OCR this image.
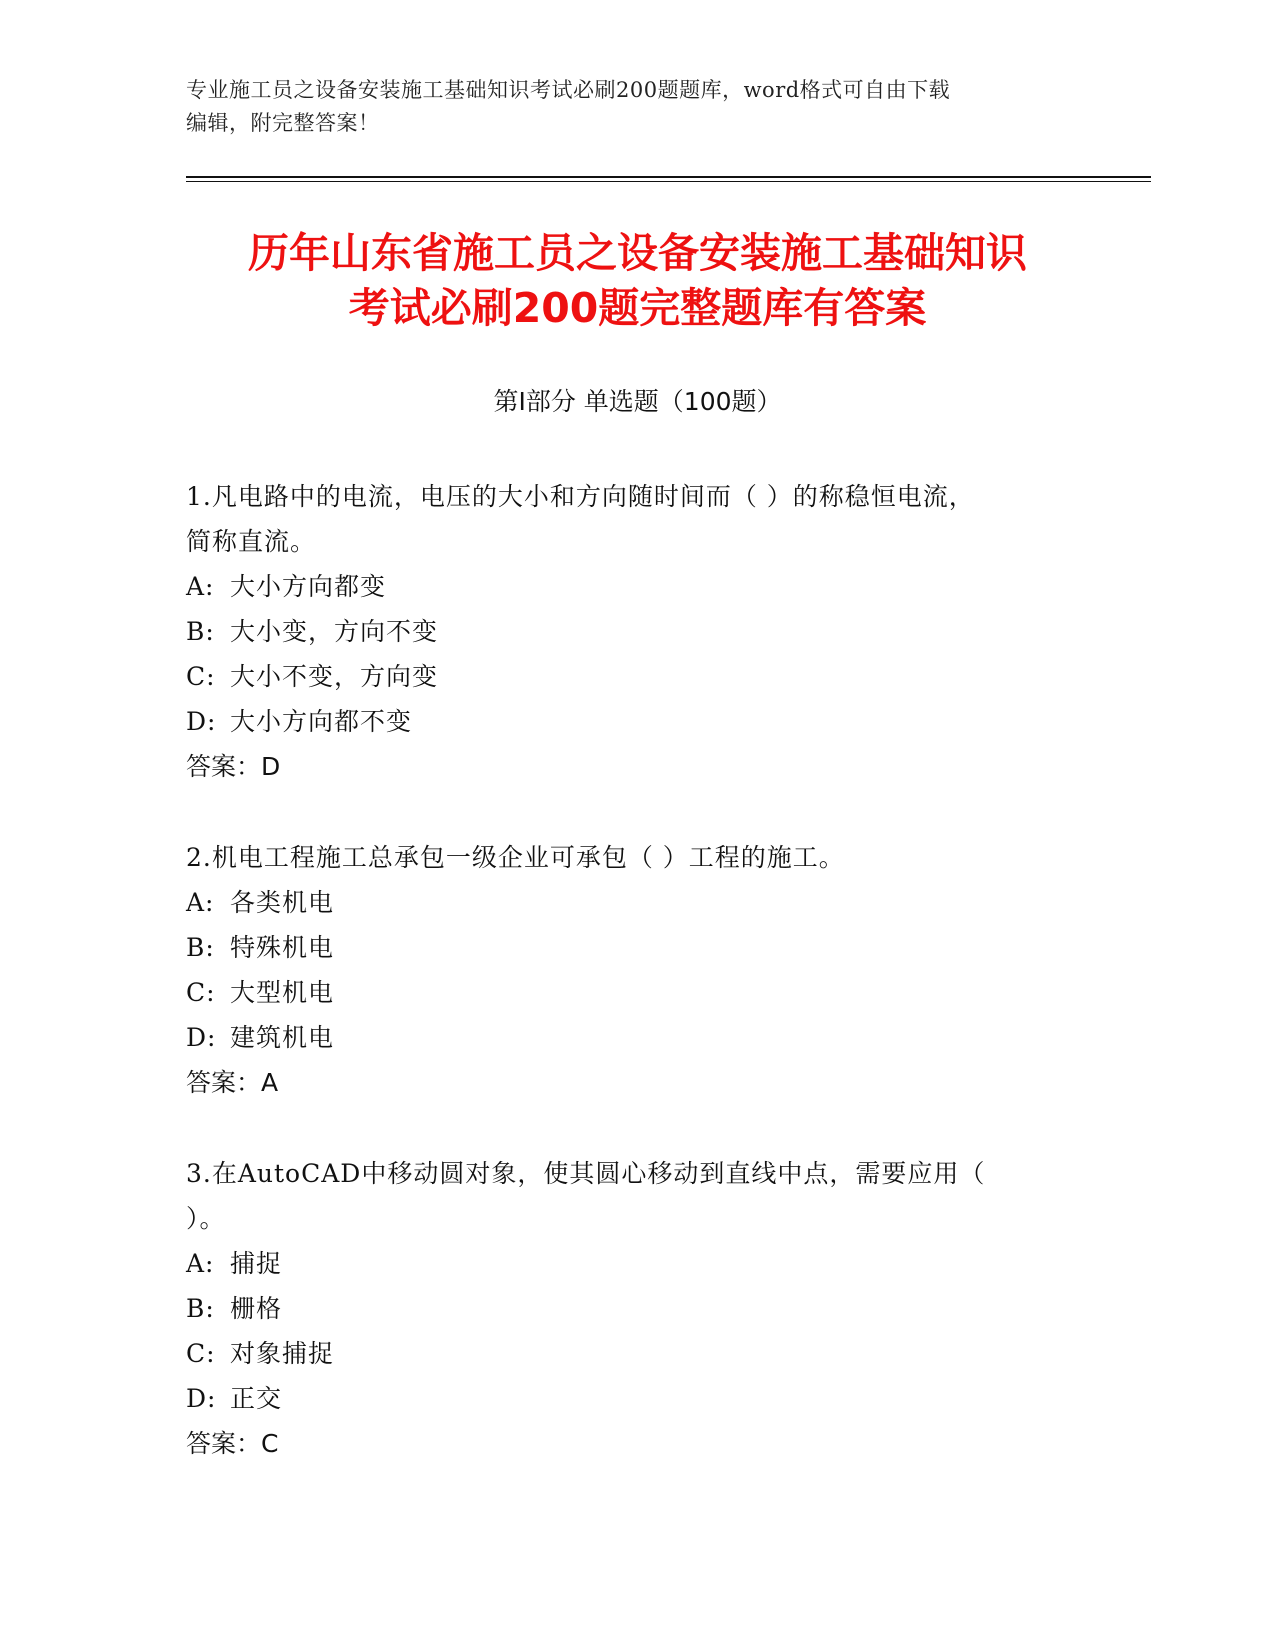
专业施工员之设备安装施工基础知识考试必刷200题题库，word格式可自由下载
编辑，附完整答案！
历年山东省施工员之设备安装施工基础知识
考试必刷200题完整题库有答案
第Ⅰ部分 单选题（100题）
1.凡电路中的电流，电压的大小和方向随时间而（ ）的称稳恒电流，
简称直流。
A: 大小方向都变
B: 大小变，方向不变
C: 大小不变，方向变
D: 大小方向都不变
答案：D
2.机电工程施工总承包一级企业可承包（ ）工程的施工。
A: 各类机电
B: 特殊机电
C: 大型机电
D: 建筑机电
答案：A
3.在AutoCAD中移动圆对象，使其圆心移动到直线中点，需要应用（
）。
A: 捕捉
B: 栅格
C: 对象捕捉
D: 正交
答案：C
